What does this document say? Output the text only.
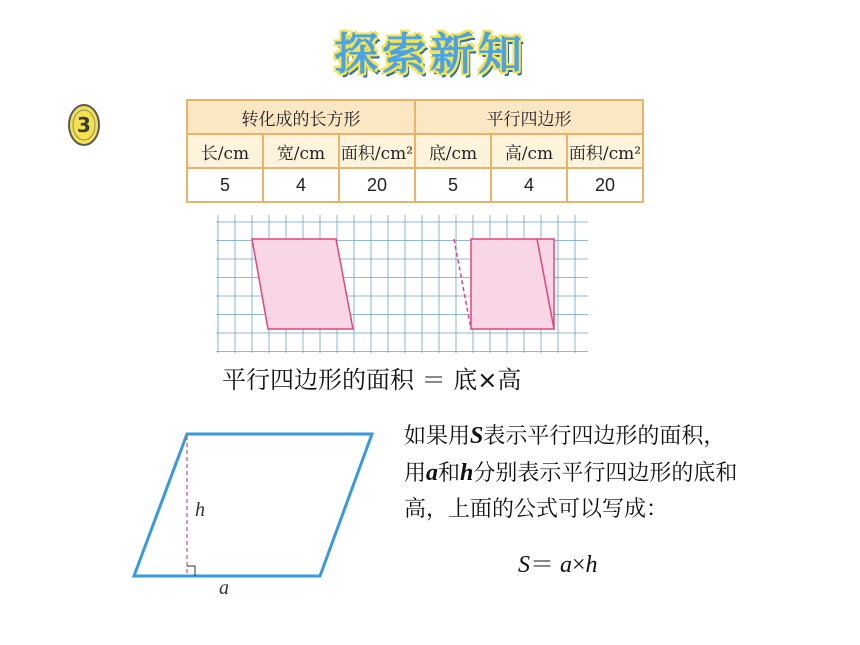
探索新知
3	转化成的长方形			平行四边形		
长/cm	宽/cm	面积/cm²	底/cm	高/cm	面积/cm²
5	4	20	5	4	20
平行四边形的面积 ＝ 底×高
h
a
如果用S表示平行四边形的面积，
用a和h分别表示平行四边形的底和
高，上面的公式可以写成：
S＝ a×h
